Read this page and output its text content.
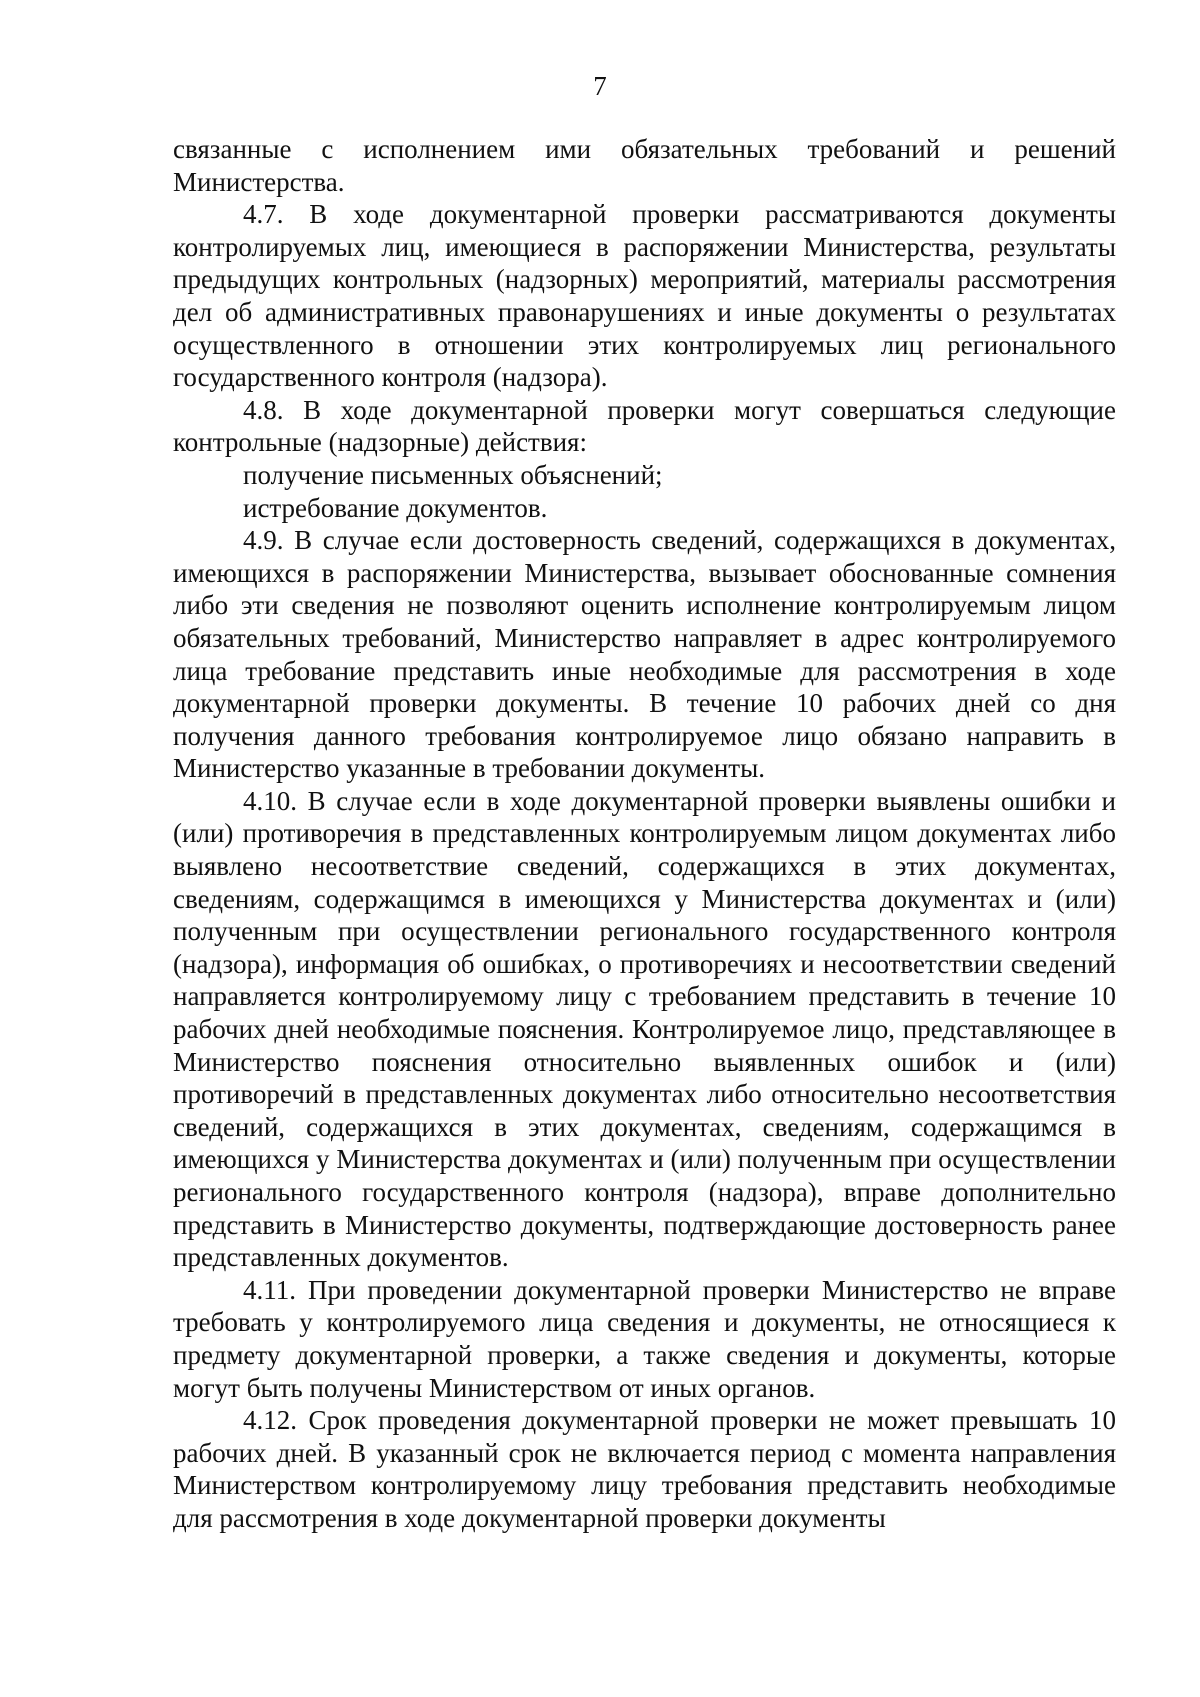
7

связанные с исполнением ими обязательных требований и решений Министерства.

4.7. В ходе документарной проверки рассматриваются документы контролируемых лиц, имеющиеся в распоряжении Министерства, результаты предыдущих контрольных (надзорных) мероприятий, материалы рассмотрения дел об административных правонарушениях и иные документы о результатах осуществленного в отношении этих контролируемых лиц регионального государственного контроля (надзора).

4.8. В ходе документарной проверки могут совершаться следующие контрольные (надзорные) действия:

получение письменных объяснений;

истребование документов.

4.9. В случае если достоверность сведений, содержащихся в документах, имеющихся в распоряжении Министерства, вызывает обоснованные сомнения либо эти сведения не позволяют оценить исполнение контролируемым лицом обязательных требований, Министерство направляет в адрес контролируемого лица требование представить иные необходимые для рассмотрения в ходе документарной проверки документы. В течение 10 рабочих дней со дня получения данного требования контролируемое лицо обязано направить в Министерство указанные в требовании документы.

4.10. В случае если в ходе документарной проверки выявлены ошибки и (или) противоречия в представленных контролируемым лицом документах либо выявлено несоответствие сведений, содержащихся в этих документах, сведениям, содержащимся в имеющихся у Министерства документах и (или) полученным при осуществлении регионального государственного контроля (надзора), информация об ошибках, о противоречиях и несоответствии сведений направляется контролируемому лицу с требованием представить в течение 10 рабочих дней необходимые пояснения. Контролируемое лицо, представляющее в Министерство пояснения относительно выявленных ошибок и (или) противоречий в представленных документах либо относительно несоответствия сведений, содержащихся в этих документах, сведениям, содержащимся в имеющихся у Министерства документах и (или) полученным при осуществлении регионального государственного контроля (надзора), вправе дополнительно представить в Министерство документы, подтверждающие достоверность ранее представленных документов.

4.11. При проведении документарной проверки Министерство не вправе требовать у контролируемого лица сведения и документы, не относящиеся к предмету документарной проверки, а также сведения и документы, которые могут быть получены Министерством от иных органов.

4.12. Срок проведения документарной проверки не может превышать 10 рабочих дней. В указанный срок не включается период с момента направления Министерством контролируемому лицу требования представить необходимые для рассмотрения в ходе документарной проверки документы
